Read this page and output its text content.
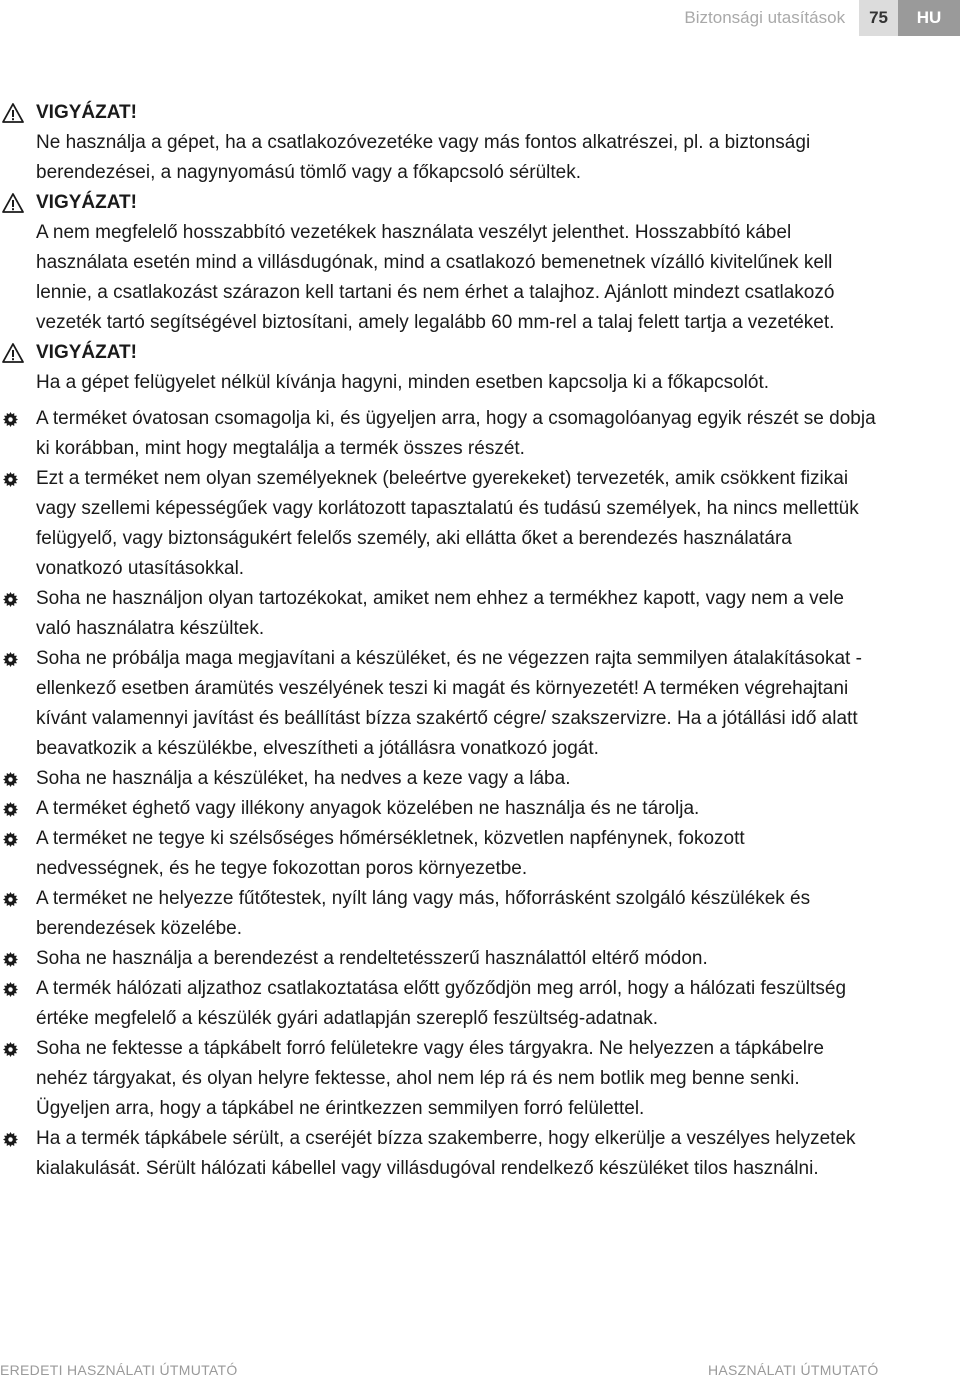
Biztonsági utasítások	75	HU
VIGYÁZAT!
Ne használja a gépet, ha a csatlakozóvezetéke vagy más fontos alkatrészei, pl. a biztonsági berendezései, a nagynyomású tömlő vagy a főkapcsoló sérültek.
VIGYÁZAT!
A nem megfelelő hosszabbító vezetékek használata veszélyt jelenthet. Hosszabbító kábel használata esetén mind a villásdugónak, mind a csatlakozó bemenetnek vízálló kivitelűnek kell lennie, a csatlakozást szárazon kell tartani és nem érhet a talajhoz. Ajánlott mindezt csatlakozó vezeték tartó segítségével biztosítani, amely legalább 60 mm-rel a talaj felett tartja a vezetéket.
VIGYÁZAT!
Ha a gépet felügyelet nélkül kívánja hagyni, minden esetben kapcsolja ki a főkapcsolót.
A terméket óvatosan csomagolja ki, és ügyeljen arra, hogy a csomagolóanyag egyik részét se dobja ki korábban, mint hogy megtalálja a termék összes részét.
Ezt a terméket nem olyan személyeknek (beleértve gyerekeket) tervezeték, amik csökkent fizikai vagy szellemi képességűek vagy korlátozott tapasztalatú és tudású személyek, ha nincs mellettük felügyelő, vagy biztonságukért felelős személy, aki ellátta őket a berendezés használatára vonatkozó utasításokkal.
Soha ne használjon olyan tartozékokat, amiket nem ehhez a termékhez kapott, vagy nem a vele való használatra készültek.
Soha ne próbálja maga megjavítani a készüléket, és ne végezzen rajta semmilyen átalakításokat - ellenkező esetben áramütés veszélyének teszi ki magát és környezetét! A terméken végrehajtani kívánt valamennyi javítást és beállítást bízza szakértő cégre/ szakszervizre. Ha a jótállási idő alatt beavatkozik a készülékbe, elveszítheti a jótállásra vonatkozó jogát.
Soha ne használja a készüléket, ha nedves a keze vagy a lába.
A terméket éghető vagy illékony anyagok közelében ne használja és ne tárolja.
A terméket ne tegye ki szélsőséges hőmérsékletnek, közvetlen napfénynek, fokozott nedvességnek, és he tegye fokozottan poros környezetbe.
A terméket ne helyezze fűtőtestek, nyílt láng vagy más, hőforrásként szolgáló készülékek és berendezések közelébe.
Soha ne használja a berendezést a rendeltetésszerű használattól eltérő módon.
A termék hálózati aljzathoz csatlakoztatása előtt győződjön meg arról, hogy a hálózati feszültség értéke megfelelő a készülék gyári adatlapján szereplő feszültség-adatnak.
Soha ne fektesse a tápkábelt forró felületekre vagy éles tárgyakra. Ne helyezzen a tápkábelre nehéz tárgyakat, és olyan helyre fektesse, ahol nem lép rá és nem botlik meg benne senki. Ügyeljen arra, hogy a tápkábel ne érintkezzen semmilyen forró felülettel.
Ha a termék tápkábele sérült, a cseréjét bízza szakemberre, hogy elkerülje a veszélyes helyzetek kialakulását. Sérült hálózati kábellel vagy villásdugóval rendelkező készüléket tilos használni.
EREDETI HASZNÁLATI ÚTMUTATÓ	HASZNÁLATI ÚTMUTATÓ
